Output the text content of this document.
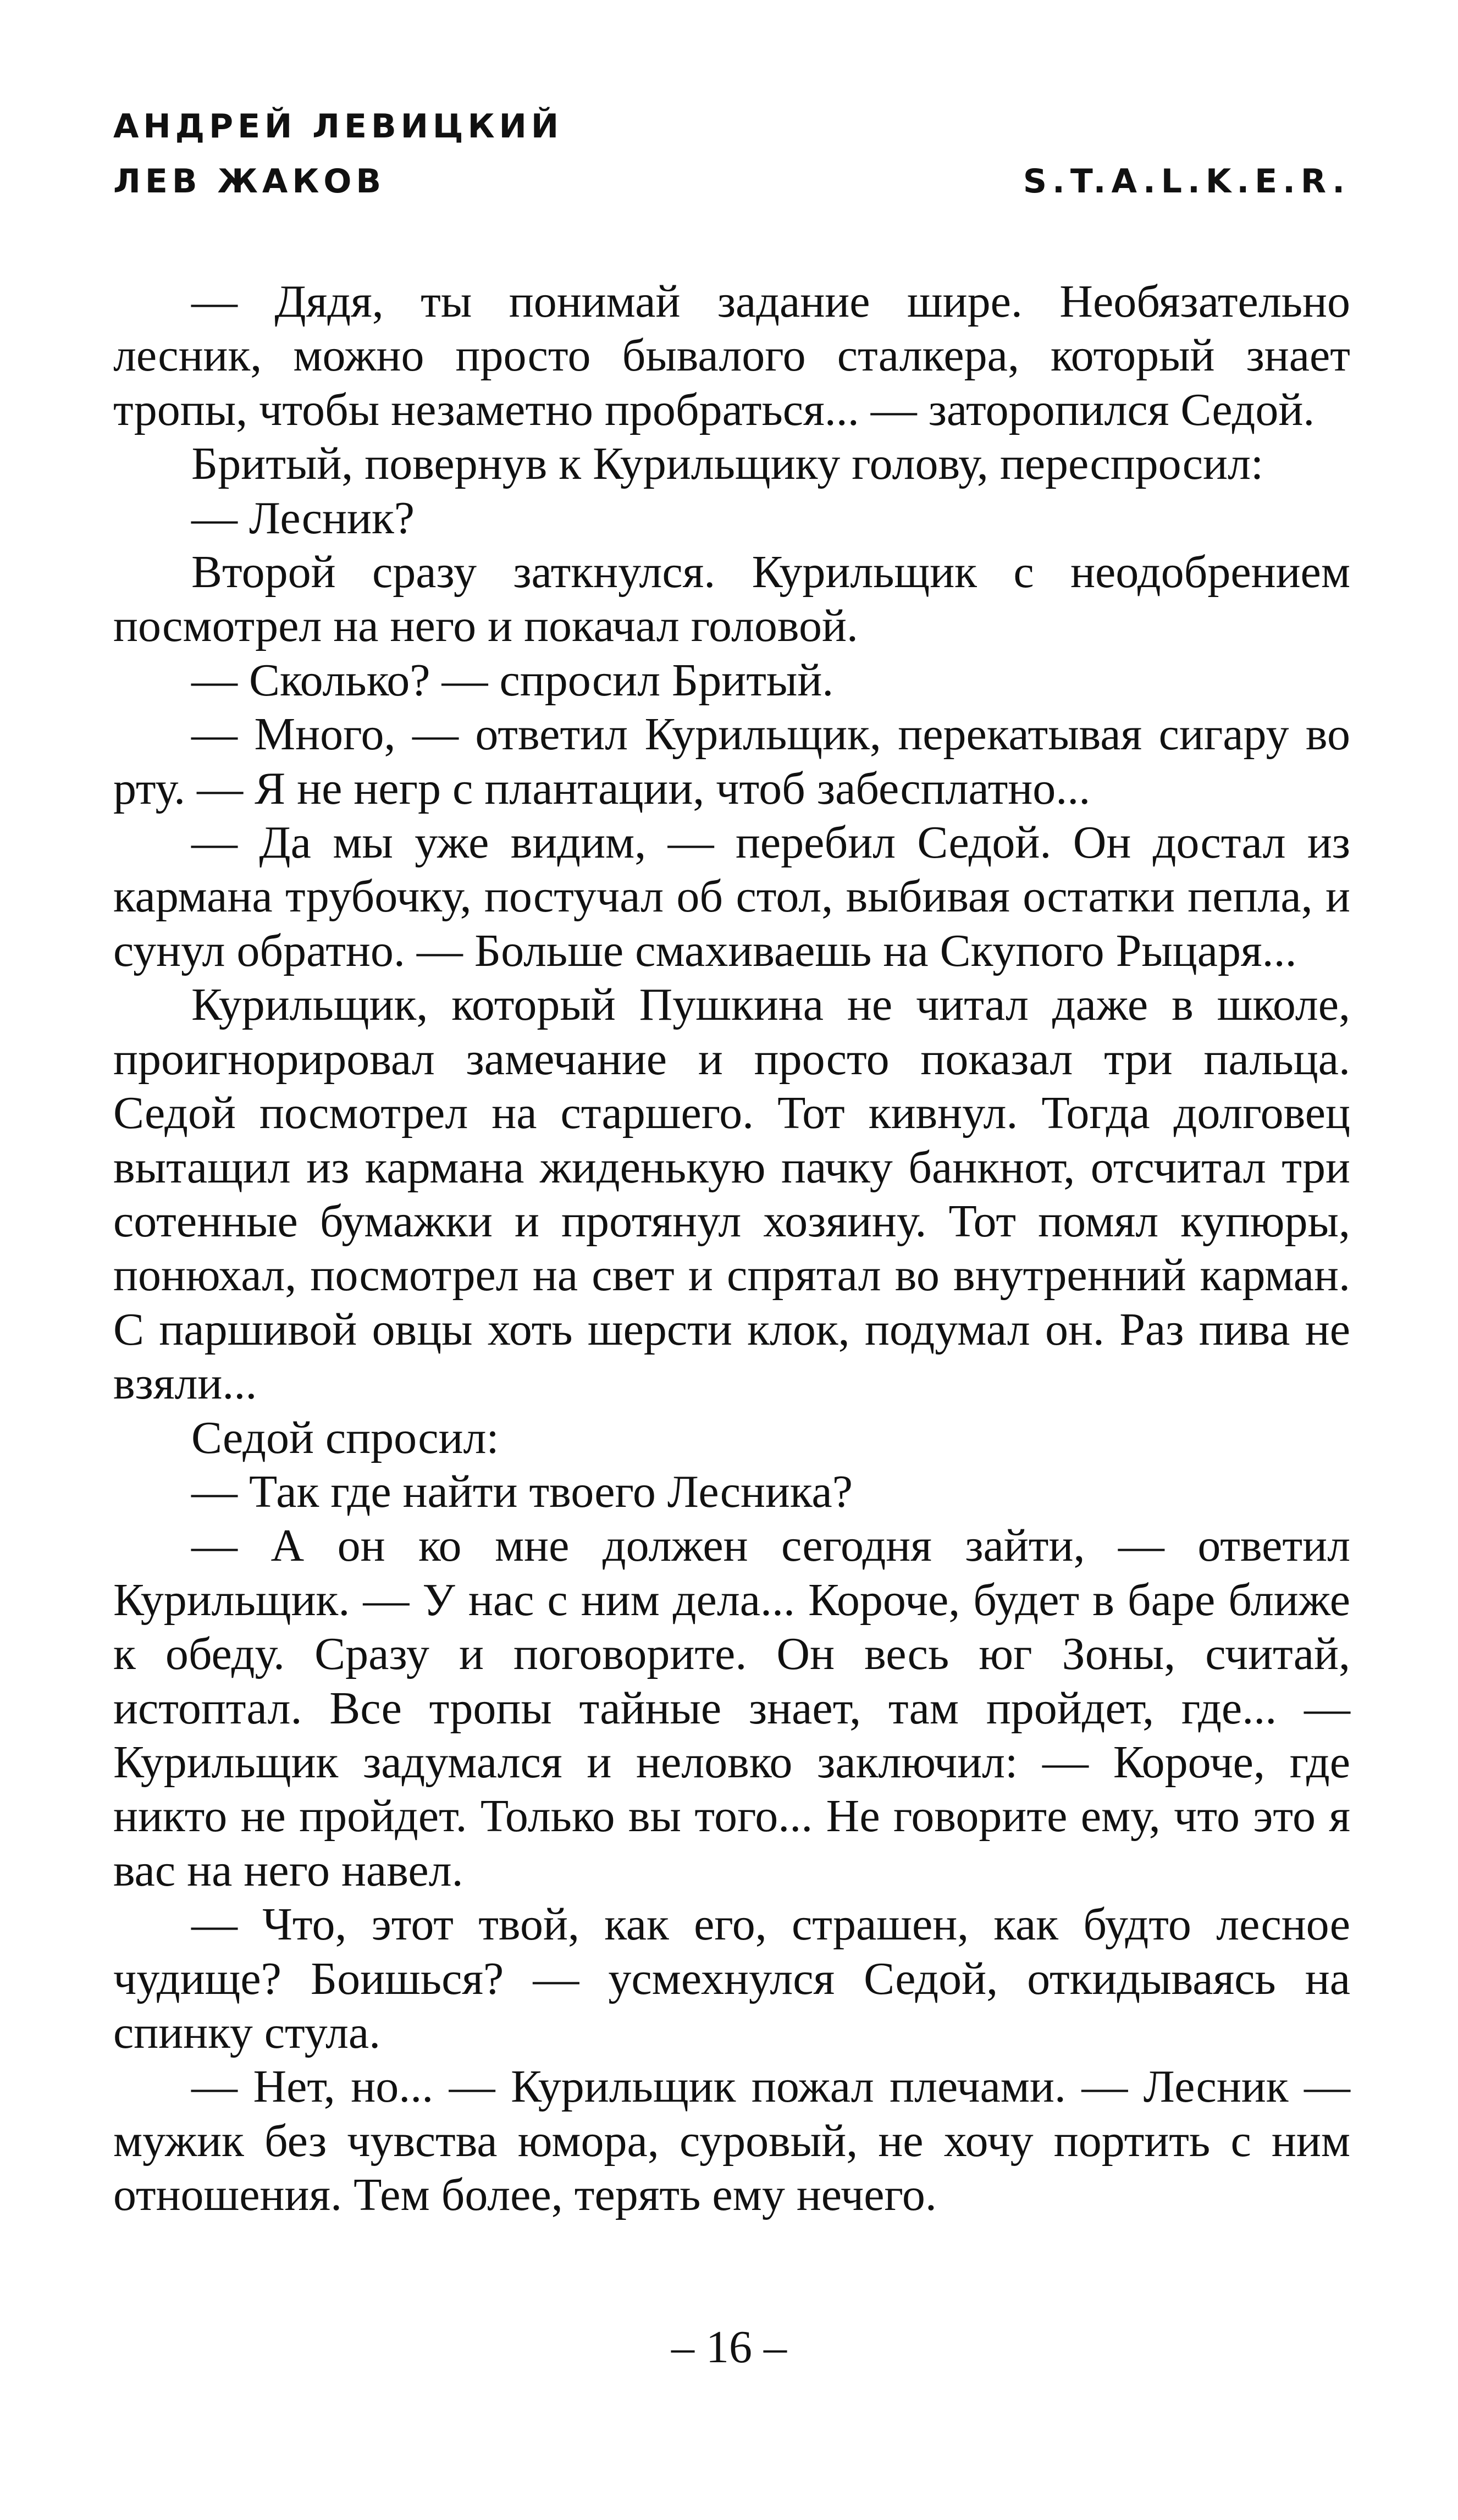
АНДРЕЙ ЛЕВИЦКИЙ
ЛЕВ ЖАКОВ	S.T.A.L.K.E.R.

— Дядя, ты понимай задание шире. Необязательно лесник, можно просто бывалого сталкера, который знает тропы, чтобы незаметно пробраться... — заторопился Седой.

Бритый, повернув к Курильщику голову, переспросил:

— Лесник?

Второй сразу заткнулся. Курильщик с неодобрением посмотрел на него и покачал головой.

— Сколько? — спросил Бритый.

— Много, — ответил Курильщик, перекатывая сигару во рту. — Я не негр с плантации, чтоб забесплатно...

— Да мы уже видим, — перебил Седой. Он достал из кармана трубочку, постучал об стол, выбивая остатки пепла, и сунул обратно. — Больше смахиваешь на Скупого Рыцаря...

Курильщик, который Пушкина не читал даже в школе, проигнорировал замечание и просто показал три пальца. Седой посмотрел на старшего. Тот кивнул. Тогда долговец вытащил из кармана жиденькую пачку банкнот, отсчитал три сотенные бумажки и протянул хозяину. Тот помял купюры, понюхал, посмотрел на свет и спрятал во внутренний карман. С паршивой овцы хоть шерсти клок, подумал он. Раз пива не взяли...

Седой спросил:

— Так где найти твоего Лесника?

— А он ко мне должен сегодня зайти, — ответил Курильщик. — У нас с ним дела... Короче, будет в баре ближе к обеду. Сразу и поговорите. Он весь юг Зоны, считай, истоптал. Все тропы тайные знает, там пройдет, где... — Курильщик задумался и неловко заключил: — Короче, где никто не пройдет. Только вы того... Не говорите ему, что это я вас на него навел.

— Что, этот твой, как его, страшен, как будто лесное чудище? Боишься? — усмехнулся Седой, откидываясь на спинку стула.

— Нет, но... — Курильщик пожал плечами. — Лесник — мужик без чувства юмора, суровый, не хочу портить с ним отношения. Тем более, терять ему нечего.

– 16 –
